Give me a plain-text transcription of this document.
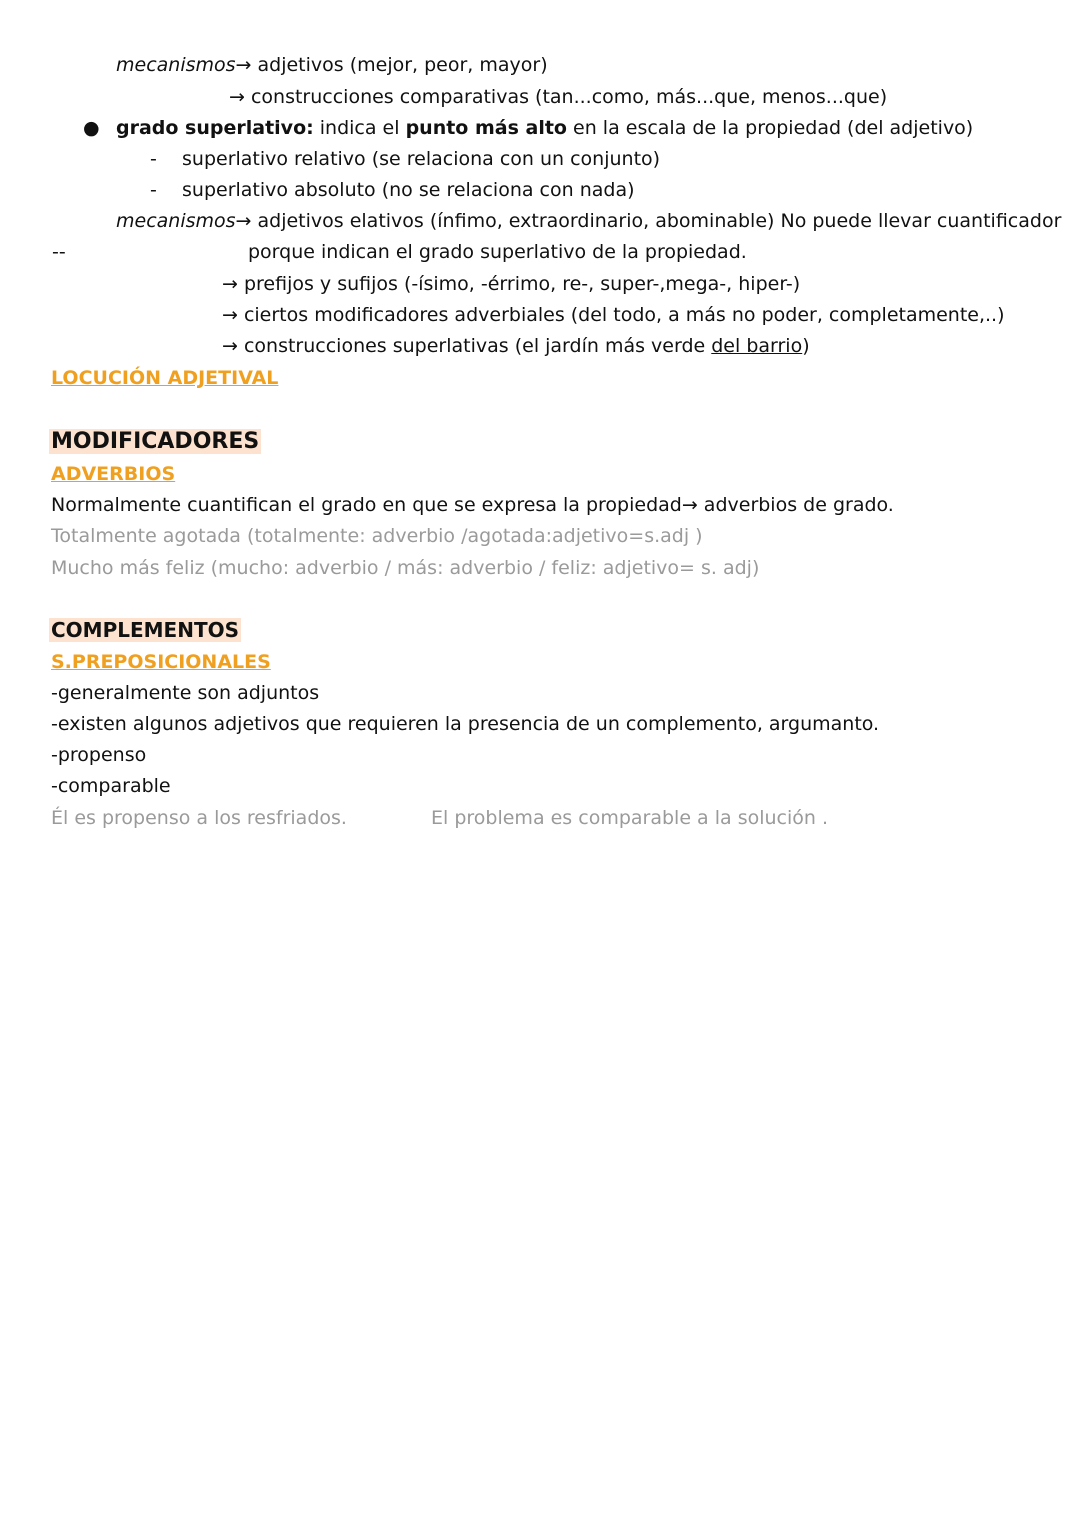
mecanismos→ adjetivos (mejor, peor, mayor)
→ construcciones comparativas (tan...como, más...que, menos...que)
● grado superlativo: indica el punto más alto en la escala de la propiedad (del adjetivo)
- superlativo relativo (se relaciona con un conjunto)
- superlativo absoluto (no se relaciona con nada)
mecanismos→ adjetivos elativos (ínfimo, extraordinario, abominable) No puede llevar cuantificador
--	porque indican el grado superlativo de la propiedad.
→ prefijos y sufijos (-ísimo, -érrimo, re-, super-,mega-, hiper-)
→ ciertos modificadores adverbiales (del todo, a más no poder, completamente,..)
→ construcciones superlativas (el jardín más verde del barrio)
LOCUCIÓN ADJETIVAL
MODIFICADORES
ADVERBIOS
Normalmente cuantifican el grado en que se expresa la propiedad→ adverbios de grado.
Totalmente agotada (totalmente: adverbio /agotada:adjetivo=s.adj )
Mucho más feliz (mucho: adverbio / más: adverbio / feliz: adjetivo= s. adj)
COMPLEMENTOS
S.PREPOSICIONALES
-generalmente son adjuntos
-existen algunos adjetivos que requieren la presencia de un complemento, argumanto.
-propenso
-comparable
Él es propenso a los resfriados.	El problema es comparable a la solución .
